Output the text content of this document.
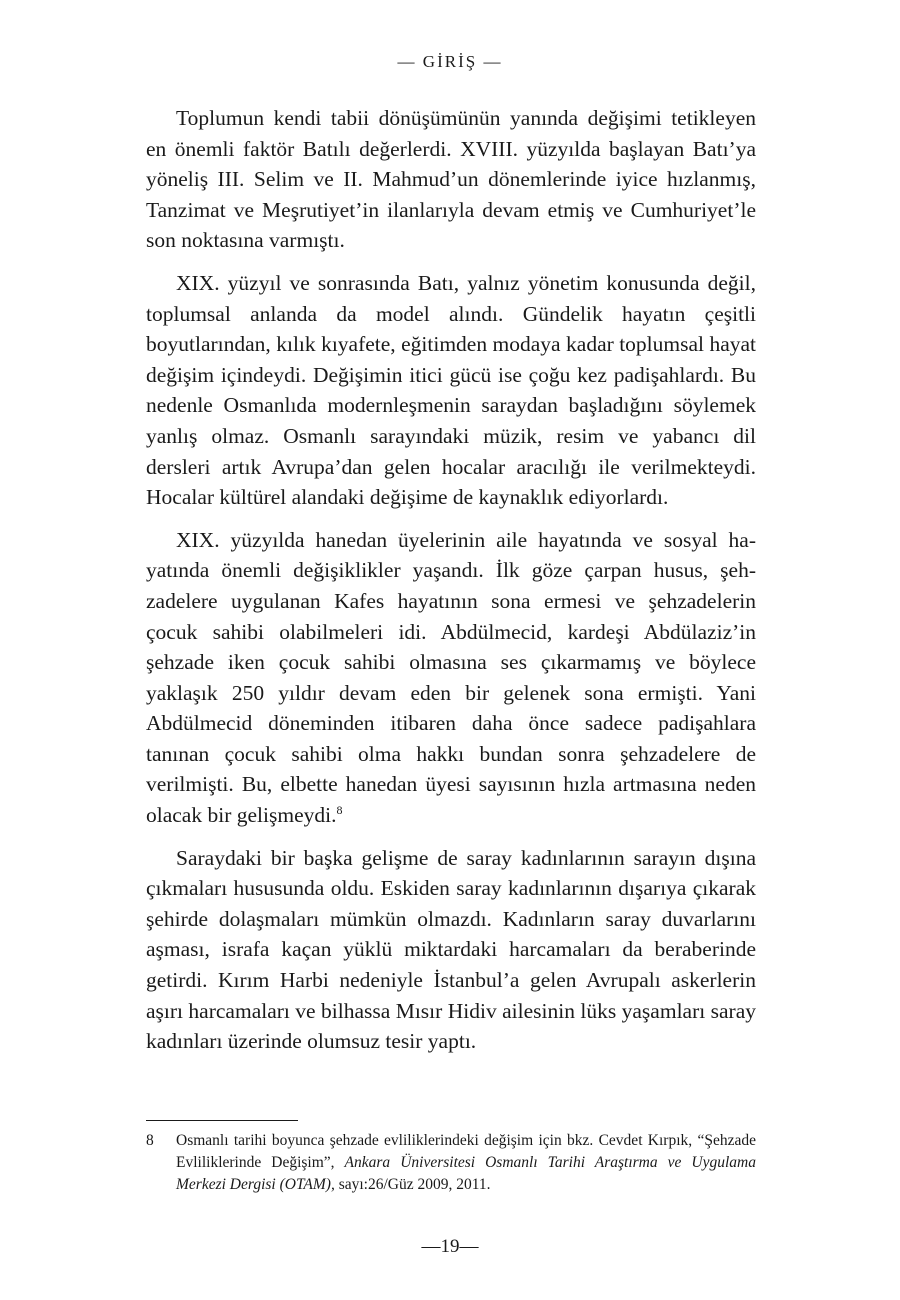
— GİRİŞ —

Toplumun kendi tabii dönüşümünün yanında değişimi tetikleyen en önemli faktör Batılı değerlerdi. XVIII. yüzyılda başlayan Batı’ya yöneliş III. Selim ve II. Mahmud’un dönemlerinde iyice hızlanmış, Tanzimat ve Meşrutiyet’in ilanlarıyla devam etmiş ve Cumhuriyet’le son noktasına varmıştı.

XIX. yüzyıl ve sonrasında Batı, yalnız yönetim konusunda değil, toplumsal anlanda da model alındı. Gündelik hayatın çeşitli boyutlarından, kılık kıyafete, eğitimden modaya kadar toplumsal hayat değişim içindeydi. Değişimin itici gücü ise çoğu kez padişahlardı. Bu nedenle Osmanlıda modernleşmenin saraydan başladığını söylemek yanlış olmaz. Osmanlı sarayındaki müzik, resim ve yabancı dil dersleri artık Avrupa’dan gelen hocalar aracılığı ile verilmekteydi. Hocalar kültürel alandaki değişime de kaynaklık ediyorlardı.

XIX. yüzyılda hanedan üyelerinin aile hayatında ve sosyal hayatında önemli değişiklikler yaşandı. İlk göze çarpan husus, şehzadelere uygulanan Kafes hayatının sona ermesi ve şehzadelerin çocuk sahibi olabilmeleri idi. Abdülmecid, kardeşi Abdülaziz’in şehzade iken çocuk sahibi olmasına ses çıkarmamış ve böylece yaklaşık 250 yıldır devam eden bir gelenek sona ermişti. Yani Abdülmecid döneminden itibaren daha önce sadece padişahlara tanınan çocuk sahibi olma hakkı bundan sonra şehzadelere de verilmişti. Bu, elbette hanedan üyesi sayısının hızla artmasına neden olacak bir gelişmeydi.$^8$

Saraydaki bir başka gelişme de saray kadınlarının sarayın dışına çıkmaları hususunda oldu. Eskiden saray kadınlarının dışarıya çıkarak şehirde dolaşmaları mümkün olmazdı. Kadınların saray duvarlarını aşması, israfa kaçan yüklü miktardaki harcamaları da beraberinde getirdi. Kırım Harbi nedeniyle İstanbul’a gelen Avrupalı askerlerin aşırı harcamaları ve bilhassa Mısır Hidiv ailesinin lüks yaşamları saray kadınları üzerinde olumsuz tesir yaptı.

8	Osmanlı tarihi boyunca şehzade evliliklerindeki değişim için bkz. Cevdet Kırpık, “Şehzade Evliliklerinde Değişim”, Ankara Üniversitesi Osmanlı Tarihi Araştırma ve Uygulama Merkezi Dergisi (OTAM), sayı:26/Güz 2009, 2011.
—19—
